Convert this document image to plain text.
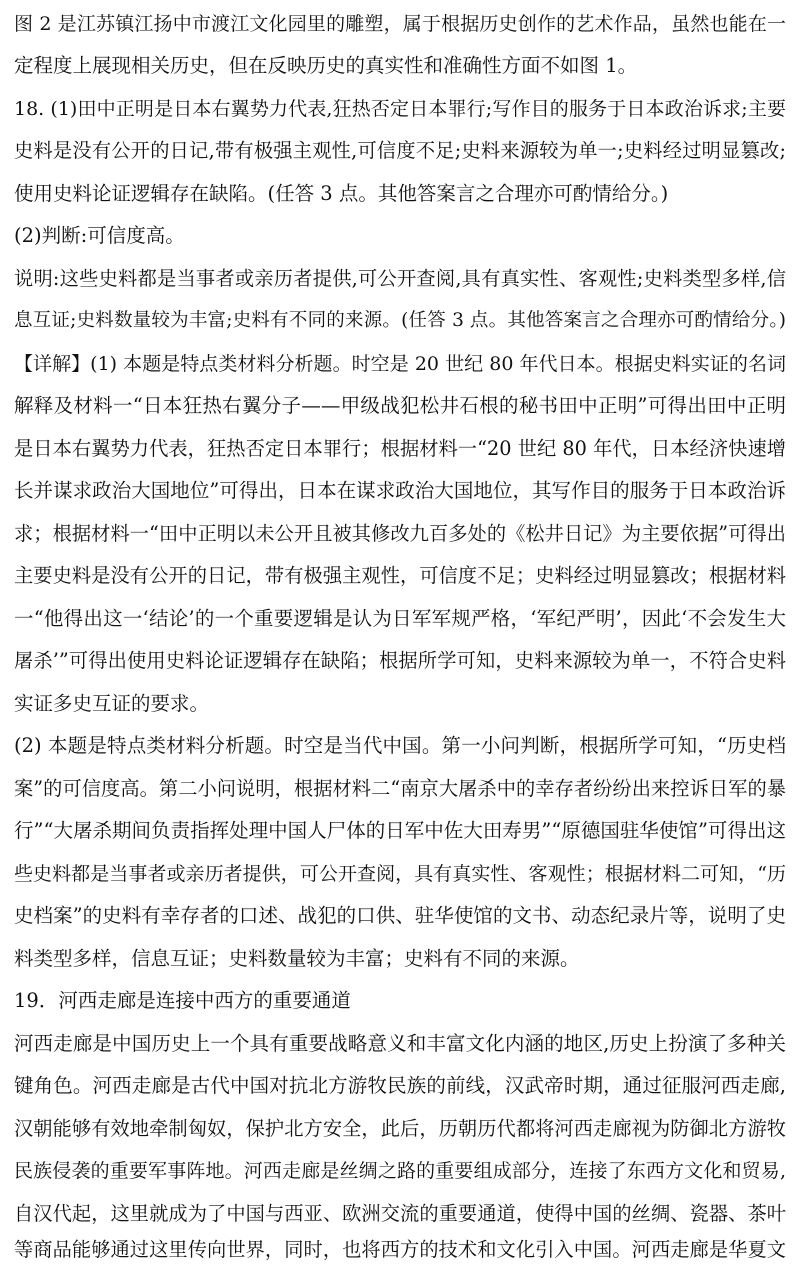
图 2 是江苏镇江扬中市渡江文化园里的雕塑，属于根据历史创作的艺术作品，虽然也能在一
定程度上展现相关历史，但在反映历史的真实性和准确性方面不如图 1。
18. (1)田中正明是日本右翼势力代表,狂热否定日本罪行;写作目的服务于日本政治诉求;主要
史料是没有公开的日记,带有极强主观性,可信度不足;史料来源较为单一;史料经过明显篡改;
使用史料论证逻辑存在缺陷。(任答 3 点。其他答案言之合理亦可酌情给分。)
(2)判断:可信度高。
说明:这些史料都是当事者或亲历者提供,可公开查阅,具有真实性、客观性;史料类型多样,信
息互证;史料数量较为丰富;史料有不同的来源。(任答 3 点。其他答案言之合理亦可酌情给分。)
【详解】(1) 本题是特点类材料分析题。时空是 20 世纪 80 年代日本。根据史料实证的名词
解释及材料一“日本狂热右翼分子——甲级战犯松井石根的秘书田中正明”可得出田中正明
是日本右翼势力代表，狂热否定日本罪行；根据材料一“20 世纪 80 年代，日本经济快速增
长并谋求政治大国地位”可得出，日本在谋求政治大国地位，其写作目的服务于日本政治诉
求；根据材料一“田中正明以未公开且被其修改九百多处的《松井日记》为主要依据”可得出
主要史料是没有公开的日记，带有极强主观性，可信度不足；史料经过明显篡改；根据材料
一“他得出这一‘结论’的一个重要逻辑是认为日军军规严格，‘军纪严明’，因此‘不会发生大
屠杀’”可得出使用史料论证逻辑存在缺陷；根据所学可知，史料来源较为单一，不符合史料
实证多史互证的要求。
(2) 本题是特点类材料分析题。时空是当代中国。第一小问判断，根据所学可知，“历史档
案”的可信度高。第二小问说明，根据材料二“南京大屠杀中的幸存者纷纷出来控诉日军的暴
行”“大屠杀期间负责指挥处理中国人尸体的日军中佐大田寿男”“原德国驻华使馆”可得出这
些史料都是当事者或亲历者提供，可公开查阅，具有真实性、客观性；根据材料二可知，“历
史档案”的史料有幸存者的口述、战犯的口供、驻华使馆的文书、动态纪录片等，说明了史
料类型多样，信息互证；史料数量较为丰富；史料有不同的来源。
19．河西走廊是连接中西方的重要通道
河西走廊是中国历史上一个具有重要战略意义和丰富文化内涵的地区,历史上扮演了多种关
键角色。河西走廊是古代中国对抗北方游牧民族的前线，汉武帝时期，通过征服河西走廊,
汉朝能够有效地牵制匈奴，保护北方安全，此后，历朝历代都将河西走廊视为防御北方游牧
民族侵袭的重要军事阵地。河西走廊是丝绸之路的重要组成部分，连接了东西方文化和贸易,
自汉代起，这里就成为了中国与西亚、欧洲交流的重要通道，使得中国的丝绸、瓷器、茶叶
等商品能够通过这里传向世界，同时，也将西方的技术和文化引入中国。河西走廊是华夏文
